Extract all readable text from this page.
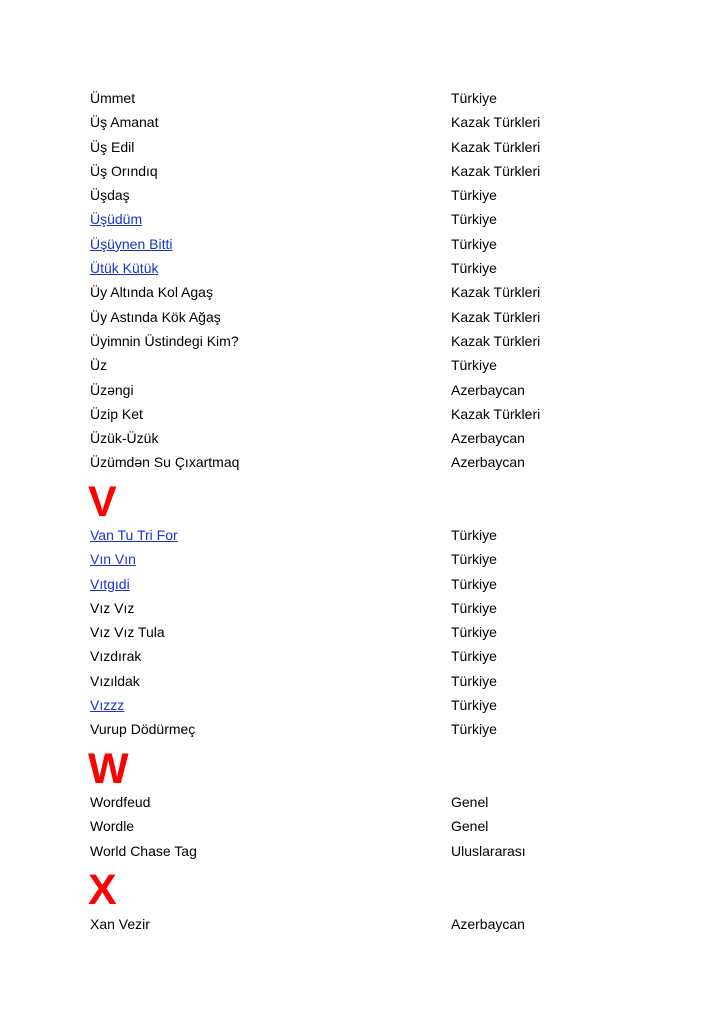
Ümmet	Türkiye
Üş Amanat	Kazak Türkleri
Üş Edil	Kazak Türkleri
Üş Orındıq	Kazak Türkleri
Üşdaş	Türkiye
Üşüdüm	Türkiye
Üşüynen Bitti	Türkiye
Ütük Kütük	Türkiye
Üy Altında Kol Agaş	Kazak Türkleri
Üy Astında Kök Ağaş	Kazak Türkleri
Üyimnin Üstindegi Kim?	Kazak Türkleri
Üz	Türkiye
Üzəngi	Azerbaycan
Üzip Ket	Kazak Türkleri
Üzük-Üzük	Azerbaycan
Üzümdən Su Çıxartmaq	Azerbaycan
V
Van Tu Tri For	Türkiye
Vın Vın	Türkiye
Vıtgıdi	Türkiye
Vız Vız	Türkiye
Vız Vız Tula	Türkiye
Vızdırak	Türkiye
Vızıldak	Türkiye
Vızzz	Türkiye
Vurup Dödürmeç	Türkiye
W
Wordfeud	Genel
Wordle	Genel
World Chase Tag	Uluslararası
X
Xan Vezir	Azerbaycan
